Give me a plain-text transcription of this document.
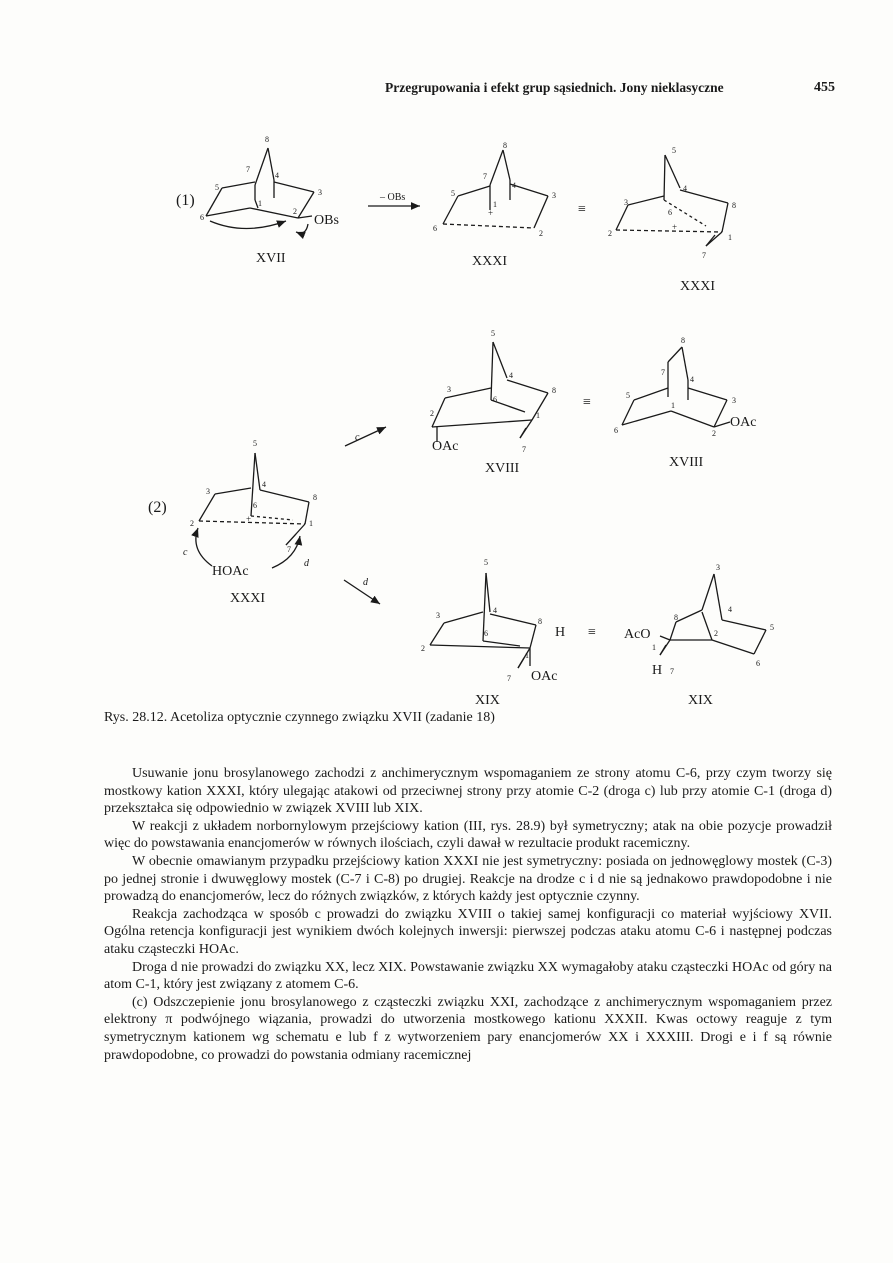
Przegrupowania i efekt grup sąsiednich. Jony nieklasyczne	455
(1)
(2)
OBs
– OBs
≡
≡
≡
OAc
OAc
OAc
AcO
HOAc
H
H
+
+
+
c
c
d
d
XVII	XXXI
XXXI
XVIII	XVIII
XXXI
XIX	XIX
8
7
4
5
3
1
2
6
8
7
4
5	3
1
2
6
5
4
3
6
8
2	1
7
5
4
3	8
6
2	1
7
8
7
4
5
3
1
6	2
5
4
3
8
6
2	1
7
5
4
3
8
6
2
1
7
3
4
8
5
2
1
6
7
Rys. 28.12. Acetoliza optycznie czynnego związku XVII (zadanie 18)

Usuwanie jonu brosylanowego zachodzi z anchimerycznym wspomaganiem ze strony atomu C-6, przy czym tworzy się mostkowy kation XXXI, który ulegając atakowi od przeciwnej strony przy atomie C-2 (droga c) lub przy atomie C-1 (droga d) przekształca się odpowiednio w związek XVIII lub XIX.

W reakcji z układem norbornylowym przejściowy kation (III, rys. 28.9) był symetryczny; atak na obie pozycje prowadził więc do powstawania enancjomerów w równych ilościach, czyli dawał w rezultacie produkt racemiczny.

W obecnie omawianym przypadku przejściowy kation XXXI nie jest symetryczny: posiada on jednowęglowy mostek (C-3) po jednej stronie i dwuwęglowy mostek (C-7 i C-8) po drugiej. Reakcje na drodze c i d nie są jednakowo prawdopodobne i nie prowadzą do enancjomerów, lecz do różnych związków, z których każdy jest optycznie czynny.

Reakcja zachodząca w sposób c prowadzi do związku XVIII o takiej samej konfiguracji co materiał wyjściowy XVII. Ogólna retencja konfiguracji jest wynikiem dwóch kolejnych inwersji: pierwszej podczas ataku atomu C-6 i następnej podczas ataku cząsteczki HOAc.

Droga d nie prowadzi do związku XX, lecz XIX. Powstawanie związku XX wymagałoby ataku cząsteczki HOAc od góry na atom C-1, który jest związany z atomem C-6.

(c) Odszczepienie jonu brosylanowego z cząsteczki związku XXI, zachodzące z anchimerycznym wspomaganiem przez elektrony π podwójnego wiązania, prowadzi do utworzenia mostkowego kationu XXXII. Kwas octowy reaguje z tym symetrycznym kationem wg schematu e lub f z wytworzeniem pary enancjomerów XX i XXXIII. Drogi e i f są równie prawdopodobne, co prowadzi do powstania odmiany racemicznej
